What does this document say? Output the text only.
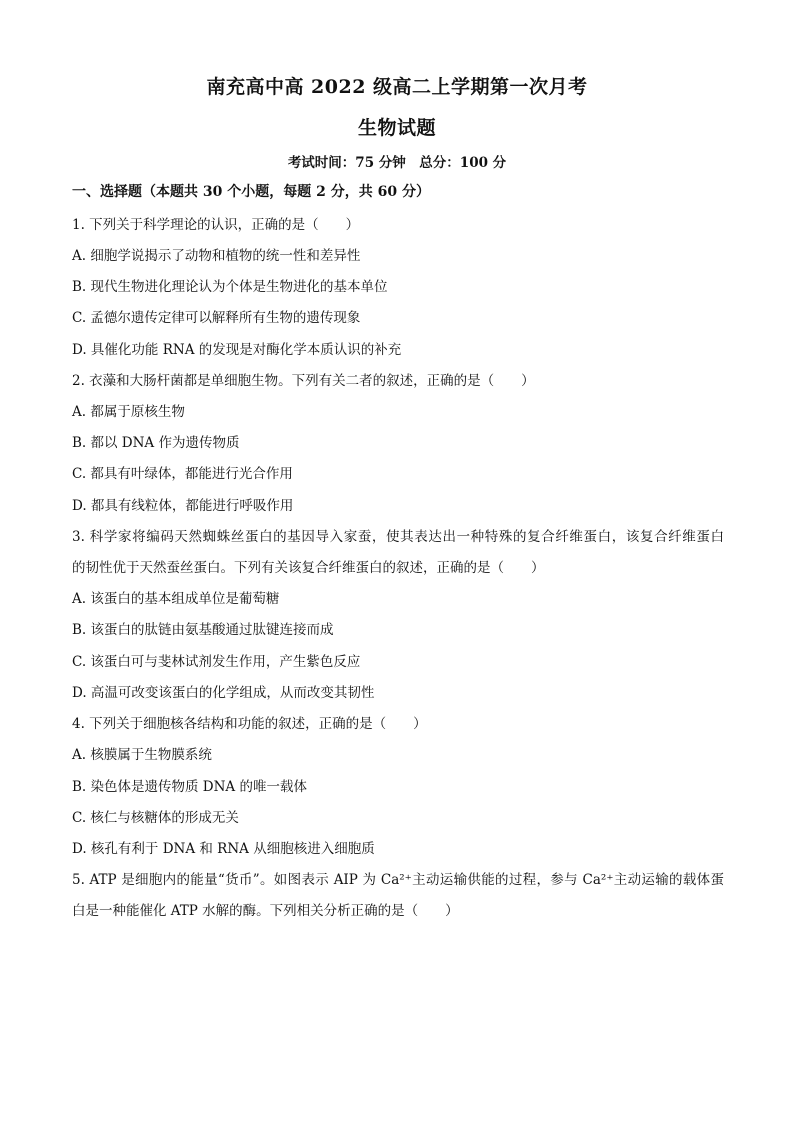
南充高中高 2022 级高二上学期第一次月考
生物试题
考试时间：75 分钟　总分：100 分
一、选择题（本题共 30 个小题，每题 2 分，共 60 分）
1. 下列关于科学理论的认识，正确的是（　　）
A. 细胞学说揭示了动物和植物的统一性和差异性
B. 现代生物进化理论认为个体是生物进化的基本单位
C. 孟德尔遗传定律可以解释所有生物的遗传现象
D. 具催化功能 RNA 的发现是对酶化学本质认识的补充
2. 衣藻和大肠杆菌都是单细胞生物。下列有关二者的叙述，正确的是（　　）
A. 都属于原核生物
B. 都以 DNA 作为遗传物质
C. 都具有叶绿体，都能进行光合作用
D. 都具有线粒体，都能进行呼吸作用
3. 科学家将编码天然蜘蛛丝蛋白的基因导入家蚕，使其表达出一种特殊的复合纤维蛋白，该复合纤维蛋白
的韧性优于天然蚕丝蛋白。下列有关该复合纤维蛋白的叙述，正确的是（　　）
A. 该蛋白的基本组成单位是葡萄糖
B. 该蛋白的肽链由氨基酸通过肽键连接而成
C. 该蛋白可与斐林试剂发生作用，产生紫色反应
D. 高温可改变该蛋白的化学组成，从而改变其韧性
4. 下列关于细胞核各结构和功能的叙述，正确的是（　　）
A. 核膜属于生物膜系统
B. 染色体是遗传物质 DNA 的唯一载体
C. 核仁与核糖体的形成无关
D. 核孔有利于 DNA 和 RNA 从细胞核进入细胞质
5. ATP 是细胞内的能量“货币”。如图表示 AIP 为 Ca²⁺主动运输供能的过程，参与 Ca²⁺主动运输的载体蛋
白是一种能催化 ATP 水解的酶。下列相关分析正确的是（　　）
